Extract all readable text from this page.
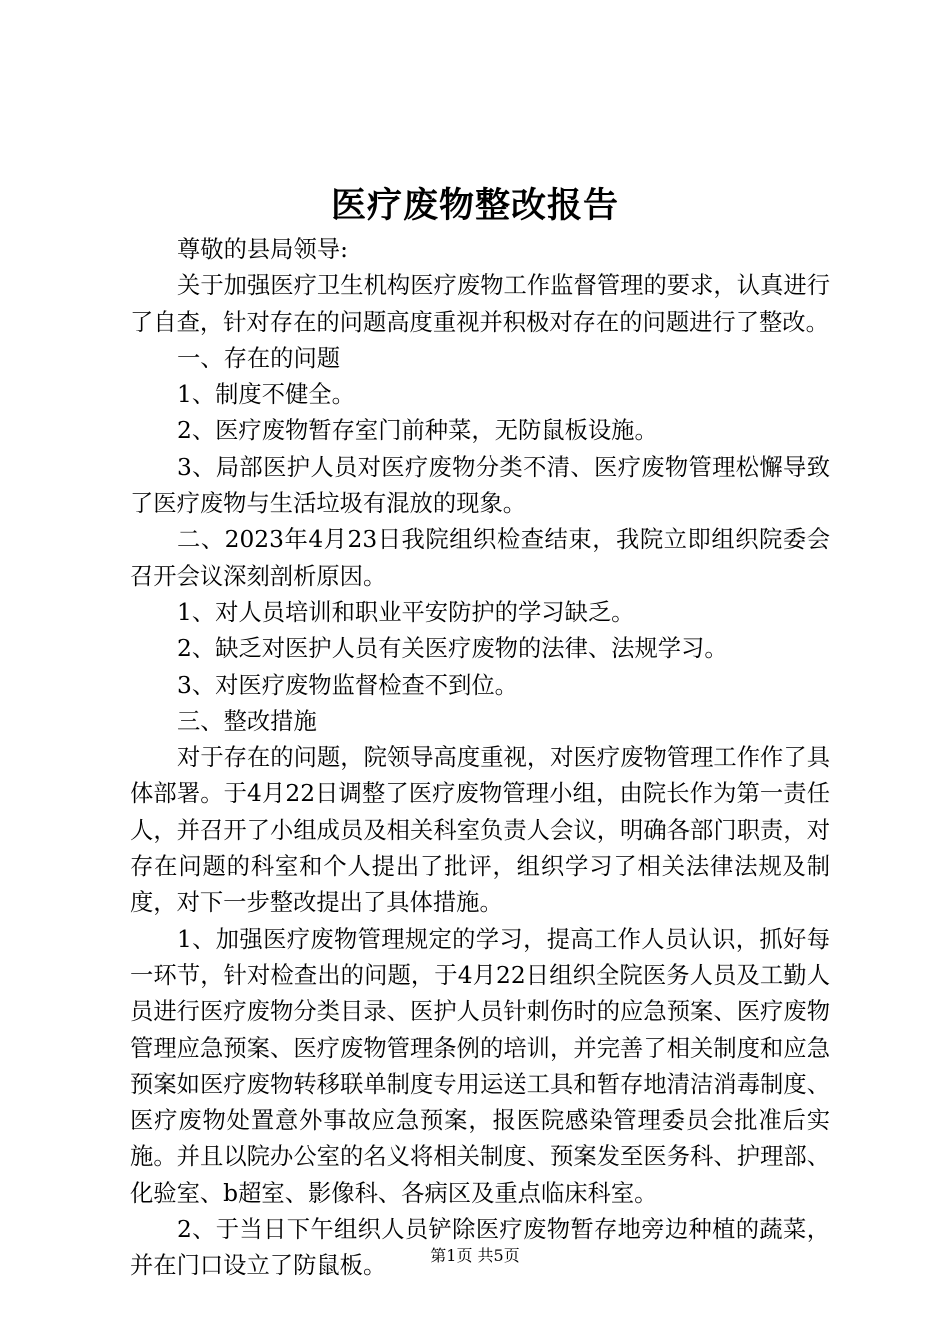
医疗废物整改报告

尊敬的县局领导:

关于加强医疗卫生机构医疗废物工作监督管理的要求，认真进行了自查，针对存在的问题高度重视并积极对存在的问题进行了整改。

一、存在的问题

1、制度不健全。

2、医疗废物暂存室门前种菜，无防鼠板设施。

3、局部医护人员对医疗废物分类不清、医疗废物管理松懈导致了医疗废物与生活垃圾有混放的现象。

二、2023年4月23日我院组织检查结束，我院立即组织院委会召开会议深刻剖析原因。

1、对人员培训和职业平安防护的学习缺乏。

2、缺乏对医护人员有关医疗废物的法律、法规学习。

3、对医疗废物监督检查不到位。

三、整改措施

对于存在的问题，院领导高度重视，对医疗废物管理工作作了具体部署。于4月22日调整了医疗废物管理小组，由院长作为第一责任人，并召开了小组成员及相关科室负责人会议，明确各部门职责，对存在问题的科室和个人提出了批评，组织学习了相关法律法规及制度，对下一步整改提出了具体措施。

1、加强医疗废物管理规定的学习，提高工作人员认识，抓好每一环节，针对检查出的问题，于4月22日组织全院医务人员及工勤人员进行医疗废物分类目录、医护人员针刺伤时的应急预案、医疗废物管理应急预案、医疗废物管理条例的培训，并完善了相关制度和应急预案如医疗废物转移联单制度专用运送工具和暂存地清洁消毒制度、医疗废物处置意外事故应急预案，报医院感染管理委员会批准后实施。并且以院办公室的名义将相关制度、预案发至医务科、护理部、化验室、b超室、影像科、各病区及重点临床科室。

2、于当日下午组织人员铲除医疗废物暂存地旁边种植的蔬菜，并在门口设立了防鼠板。	第1页 共5页
